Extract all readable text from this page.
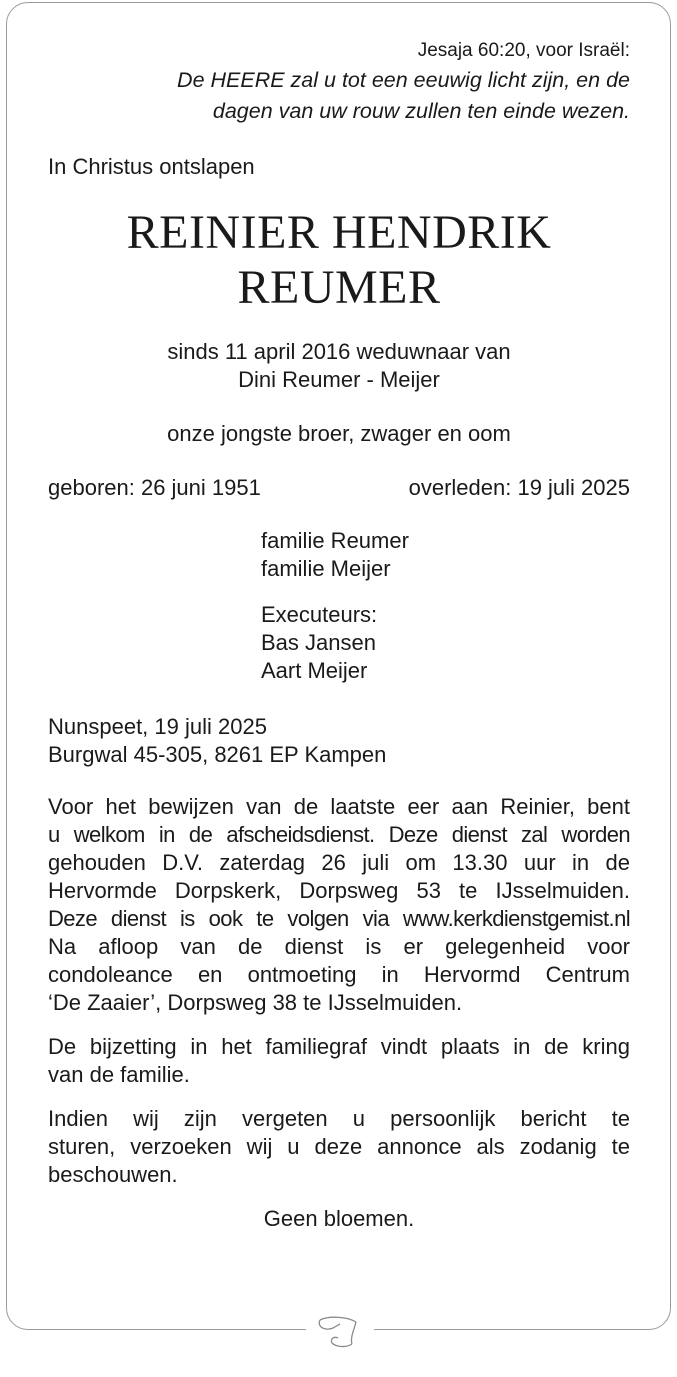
Jesaja 60:20, voor Israël:
De HEERE zal u tot een eeuwig licht zijn, en de
dagen van uw rouw zullen ten einde wezen.
In Christus ontslapen
REINIER HENDRIK
REUMER
sinds 11 april 2016 weduwnaar van
Dini Reumer - Meijer
onze jongste broer, zwager en oom
geboren: 26 juni 1951	overleden: 19 juli 2025
familie Reumer
familie Meijer
Executeurs:
Bas Jansen
Aart Meijer
Nunspeet, 19 juli 2025
Burgwal 45-305, 8261 EP Kampen
Voor het bewijzen van de laatste eer aan Reinier, bent
u welkom in de afscheidsdienst. Deze dienst zal worden
gehouden D.V. zaterdag 26 juli om 13.30 uur in de
Hervormde Dorpskerk, Dorpsweg 53 te IJsselmuiden.
Deze dienst is ook te volgen via www.kerkdienstgemist.nl
Na afloop van de dienst is er gelegenheid voor
condoleance en ontmoeting in Hervormd Centrum
‘De Zaaier’, Dorpsweg 38 te IJsselmuiden.
De bijzetting in het familiegraf vindt plaats in de kring
van de familie.
Indien wij zijn vergeten u persoonlijk bericht te
sturen, verzoeken wij u deze annonce als zodanig te
beschouwen.
Geen bloemen.
